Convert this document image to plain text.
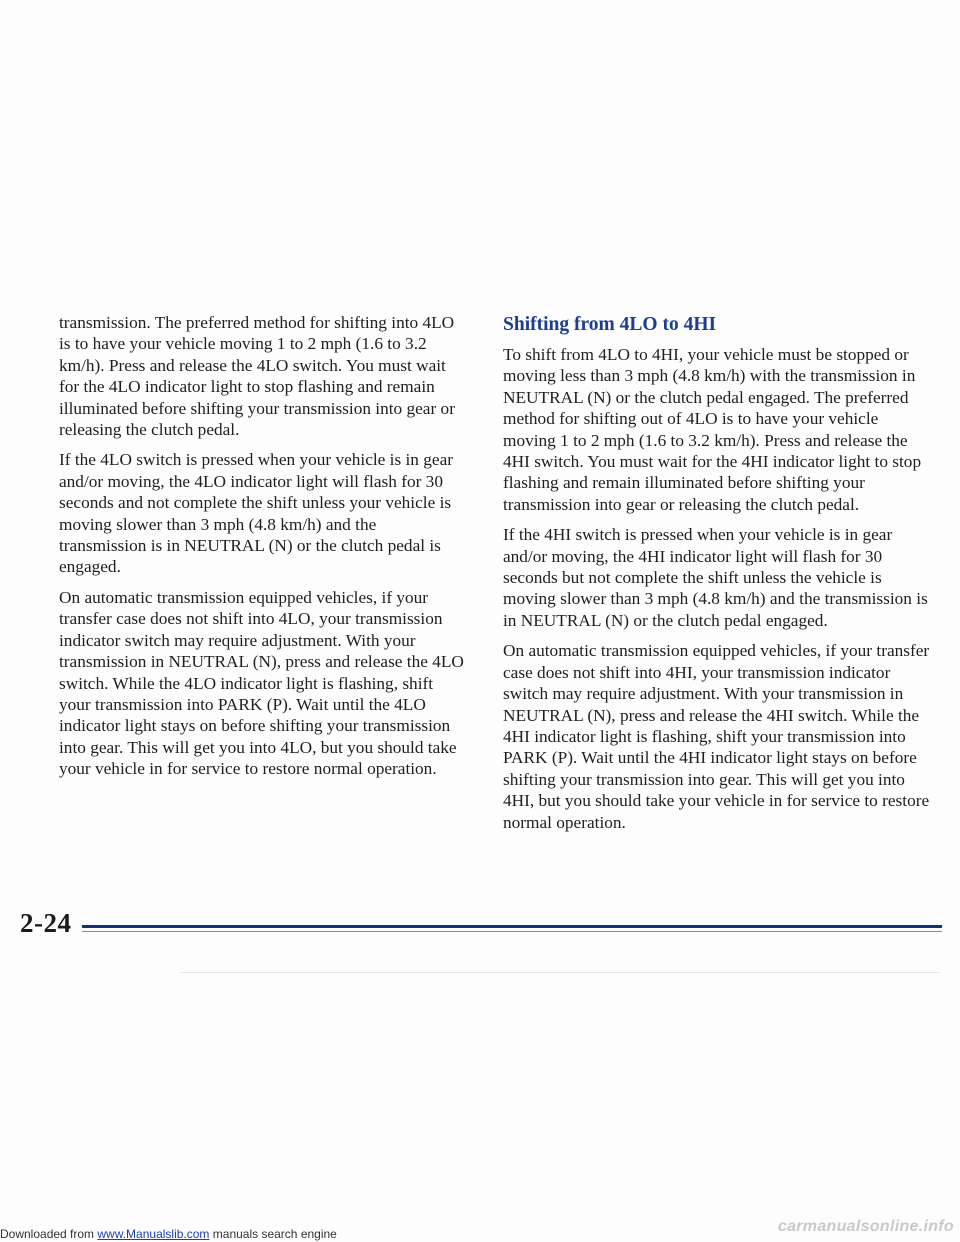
transmission. The preferred method for shifting into 4LO is to have your vehicle moving 1 to 2 mph (1.6 to 3.2 km/h). Press and release the 4LO switch. You must wait for the 4LO indicator light to stop flashing and remain illuminated before shifting your transmission into gear or releasing the clutch pedal.

If the 4LO switch is pressed when your vehicle is in gear and/or moving, the 4LO indicator light will flash for 30 seconds and not complete the shift unless your vehicle is moving slower than 3 mph (4.8 km/h) and the transmission is in NEUTRAL (N) or the clutch pedal is engaged.

On automatic transmission equipped vehicles, if your transfer case does not shift into 4LO, your transmission indicator switch may require adjustment. With your transmission in NEUTRAL (N), press and release the 4LO switch. While the 4LO indicator light is flashing, shift your transmission into PARK (P). Wait until the 4LO indicator light stays on before shifting your transmission into gear. This will get you into 4LO, but you should take your vehicle in for service to restore normal operation.

Shifting from 4LO to 4HI

To shift from 4LO to 4HI, your vehicle must be stopped or moving less than 3 mph (4.8 km/h) with the transmission in NEUTRAL (N) or the clutch pedal engaged. The preferred method for shifting out of 4LO is to have your vehicle moving 1 to 2 mph (1.6 to 3.2 km/h). Press and release the 4HI switch. You must wait for the 4HI indicator light to stop flashing and remain illuminated before shifting your transmission into gear or releasing the clutch pedal.

If the 4HI switch is pressed when your vehicle is in gear and/or moving, the 4HI indicator light will flash for 30 seconds but not complete the shift unless the vehicle is moving slower than 3 mph (4.8 km/h) and the transmission is in NEUTRAL (N) or the clutch pedal engaged.

On automatic transmission equipped vehicles, if your transfer case does not shift into 4HI, your transmission indicator switch may require adjustment. With your transmission in NEUTRAL (N), press and release the 4HI switch. While the 4HI indicator light is flashing, shift your transmission into PARK (P). Wait until the 4HI indicator light stays on before shifting your transmission into gear. This will get you into 4HI, but you should take your vehicle in for service to restore normal operation.

2-24
Downloaded from www.Manualslib.com manuals search engine	carmanualsonline.info
